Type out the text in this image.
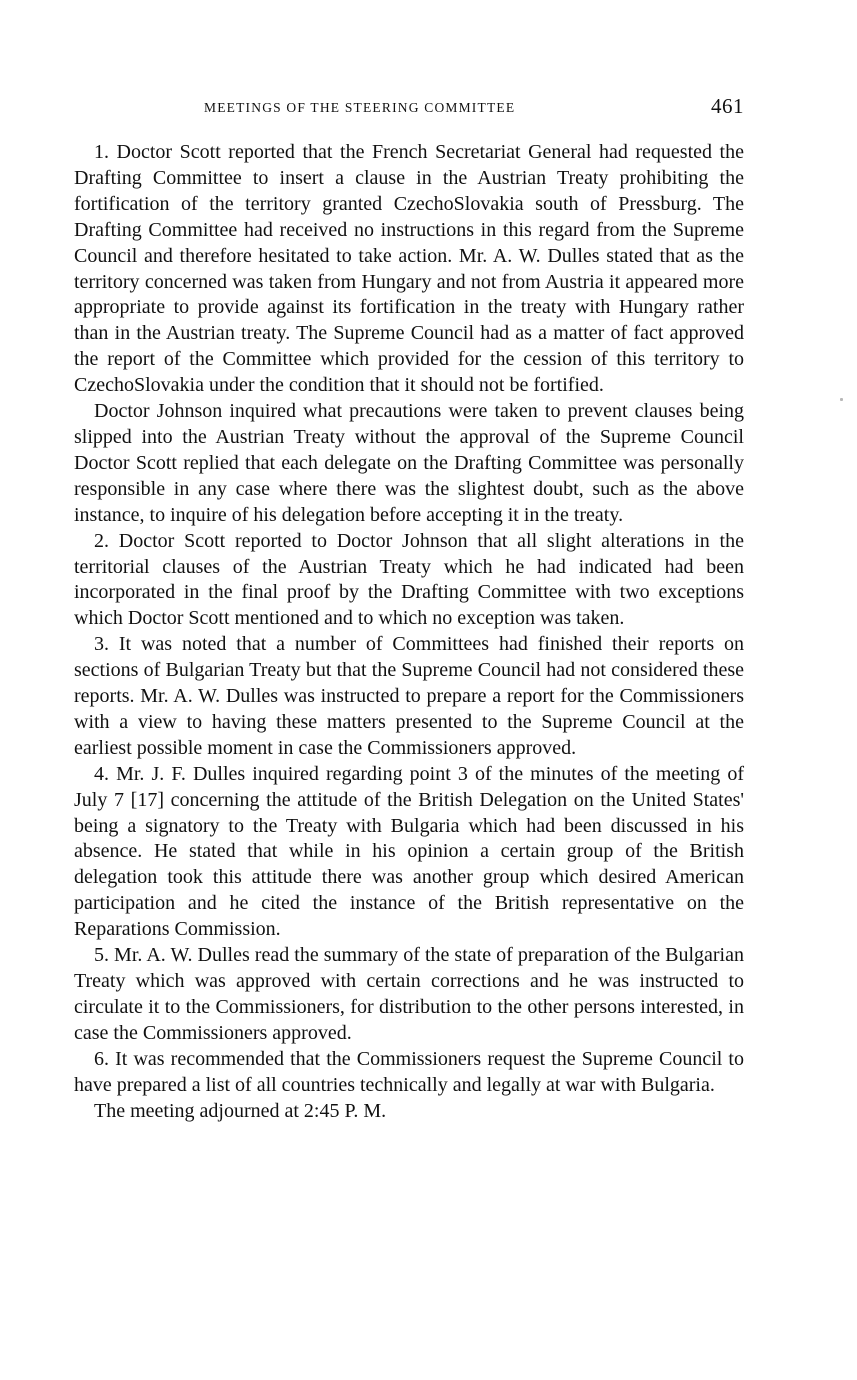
MEETINGS OF THE STEERING COMMITTEE	461

1. Doctor Scott reported that the French Secretariat General had requested the Drafting Committee to insert a clause in the Austrian Treaty prohibiting the fortification of the territory granted CzechoSlovakia south of Pressburg. The Drafting Committee had received no instructions in this regard from the Supreme Council and therefore hesitated to take action. Mr. A. W. Dulles stated that as the territory concerned was taken from Hungary and not from Austria it appeared more appropriate to provide against its fortification in the treaty with Hungary rather than in the Austrian treaty. The Supreme Council had as a matter of fact approved the report of the Committee which provided for the cession of this territory to CzechoSlovakia under the condition that it should not be fortified.

Doctor Johnson inquired what precautions were taken to prevent clauses being slipped into the Austrian Treaty without the approval of the Supreme Council Doctor Scott replied that each delegate on the Drafting Committee was personally responsible in any case where there was the slightest doubt, such as the above instance, to inquire of his delegation before accepting it in the treaty.

2. Doctor Scott reported to Doctor Johnson that all slight alterations in the territorial clauses of the Austrian Treaty which he had indicated had been incorporated in the final proof by the Drafting Committee with two exceptions which Doctor Scott mentioned and to which no exception was taken.

3. It was noted that a number of Committees had finished their reports on sections of Bulgarian Treaty but that the Supreme Council had not considered these reports. Mr. A. W. Dulles was instructed to prepare a report for the Commissioners with a view to having these matters presented to the Supreme Council at the earliest possible moment in case the Commissioners approved.

4. Mr. J. F. Dulles inquired regarding point 3 of the minutes of the meeting of July 7 [17] concerning the attitude of the British Delegation on the United States' being a signatory to the Treaty with Bulgaria which had been discussed in his absence. He stated that while in his opinion a certain group of the British delegation took this attitude there was another group which desired American participation and he cited the instance of the British representative on the Reparations Commission.

5. Mr. A. W. Dulles read the summary of the state of preparation of the Bulgarian Treaty which was approved with certain corrections and he was instructed to circulate it to the Commissioners, for distribution to the other persons interested, in case the Commissioners approved.

6. It was recommended that the Commissioners request the Supreme Council to have prepared a list of all countries technically and legally at war with Bulgaria.

The meeting adjourned at 2:45 P. M.
